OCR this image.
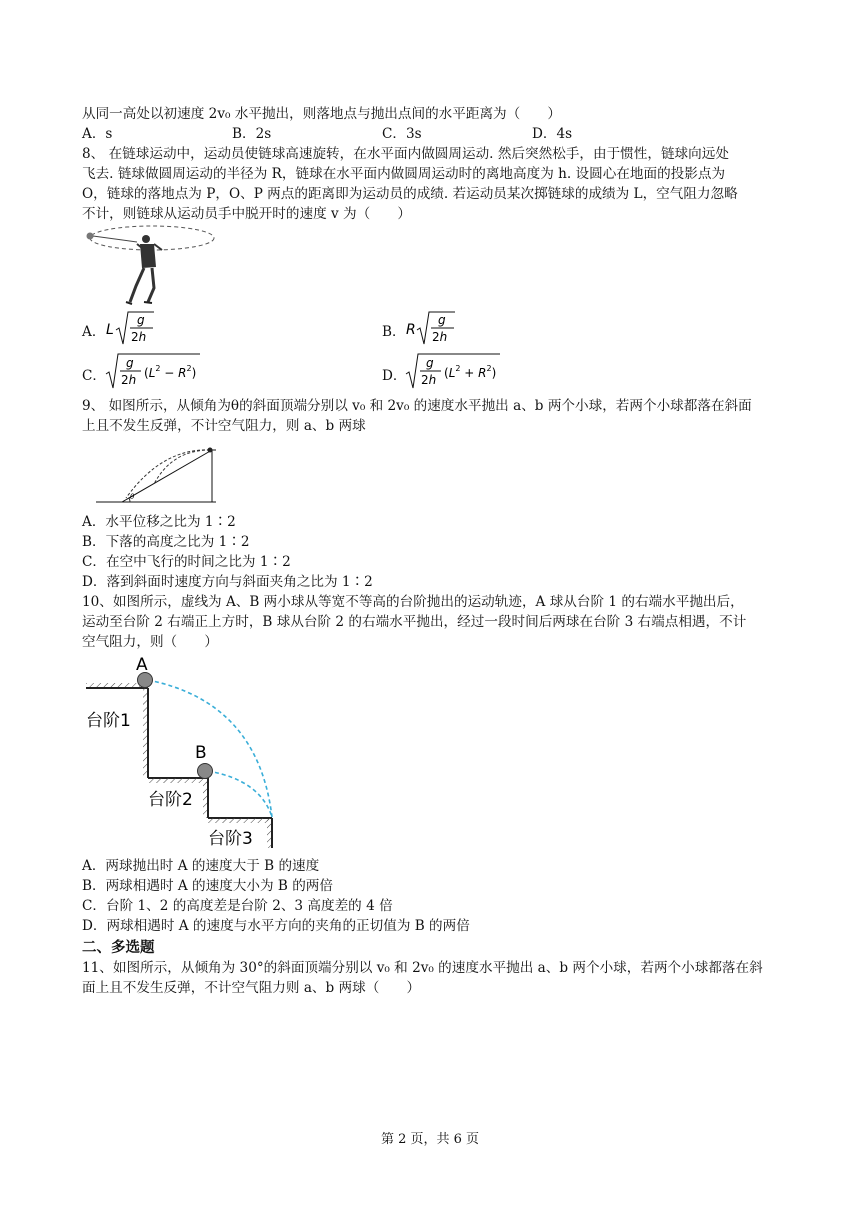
从同一高处以初速度 2v₀ 水平抛出，则落地点与抛出点间的水平距离为（　　）
A．s	B．2s	C．3s	D．4s
8、 在链球运动中，运动员使链球高速旋转，在水平面内做圆周运动. 然后突然松手，由于惯性，链球向远处
飞去. 链球做圆周运动的半径为 R，链球在水平面内做圆周运动时的离地高度为 h. 设圆心在地面的投影点为
O，链球的落地点为 P，O、P 两点的距离即为运动员的成绩. 若运动员某次掷链球的成绩为 L，空气阻力忽略
不计，则链球从运动员手中脱开时的速度 v 为（　　）
A． L
g
2h	B． R
g
2h
C．
g
2h $(L^2 - R^2)$	D．
g
2h $(L^2 + R^2)$
9、 如图所示，从倾角为θ的斜面顶端分别以 v₀ 和 2v₀ 的速度水平抛出 a、b 两个小球，若两个小球都落在斜面
上且不发生反弹，不计空气阻力，则 a、b 两球
θ
A．水平位移之比为 1∶2
B．下落的高度之比为 1∶2
C．在空中飞行的时间之比为 1∶2
D．落到斜面时速度方向与斜面夹角之比为 1∶2
10、如图所示，虚线为 A、B 两小球从等宽不等高的台阶抛出的运动轨迹，A 球从台阶 1 的右端水平抛出后，
运动至台阶 2 右端正上方时，B 球从台阶 2 的右端水平抛出，经过一段时间后两球在台阶 3 右端点相遇，不计
空气阻力，则（　　）
A
B
台阶1
台阶2
台阶3
A．两球抛出时 A 的速度大于 B 的速度
B．两球相遇时 A 的速度大小为 B 的两倍
C．台阶 1、2 的高度差是台阶 2、3 高度差的 4 倍
D．两球相遇时 A 的速度与水平方向的夹角的正切值为 B 的两倍
二、多选题
11、如图所示，从倾角为 30°的斜面顶端分别以 v₀ 和 2v₀ 的速度水平抛出 a、b 两个小球，若两个小球都落在斜
面上且不发生反弹，不计空气阻力则 a、b 两球（　　）
第 2 页，共 6 页
